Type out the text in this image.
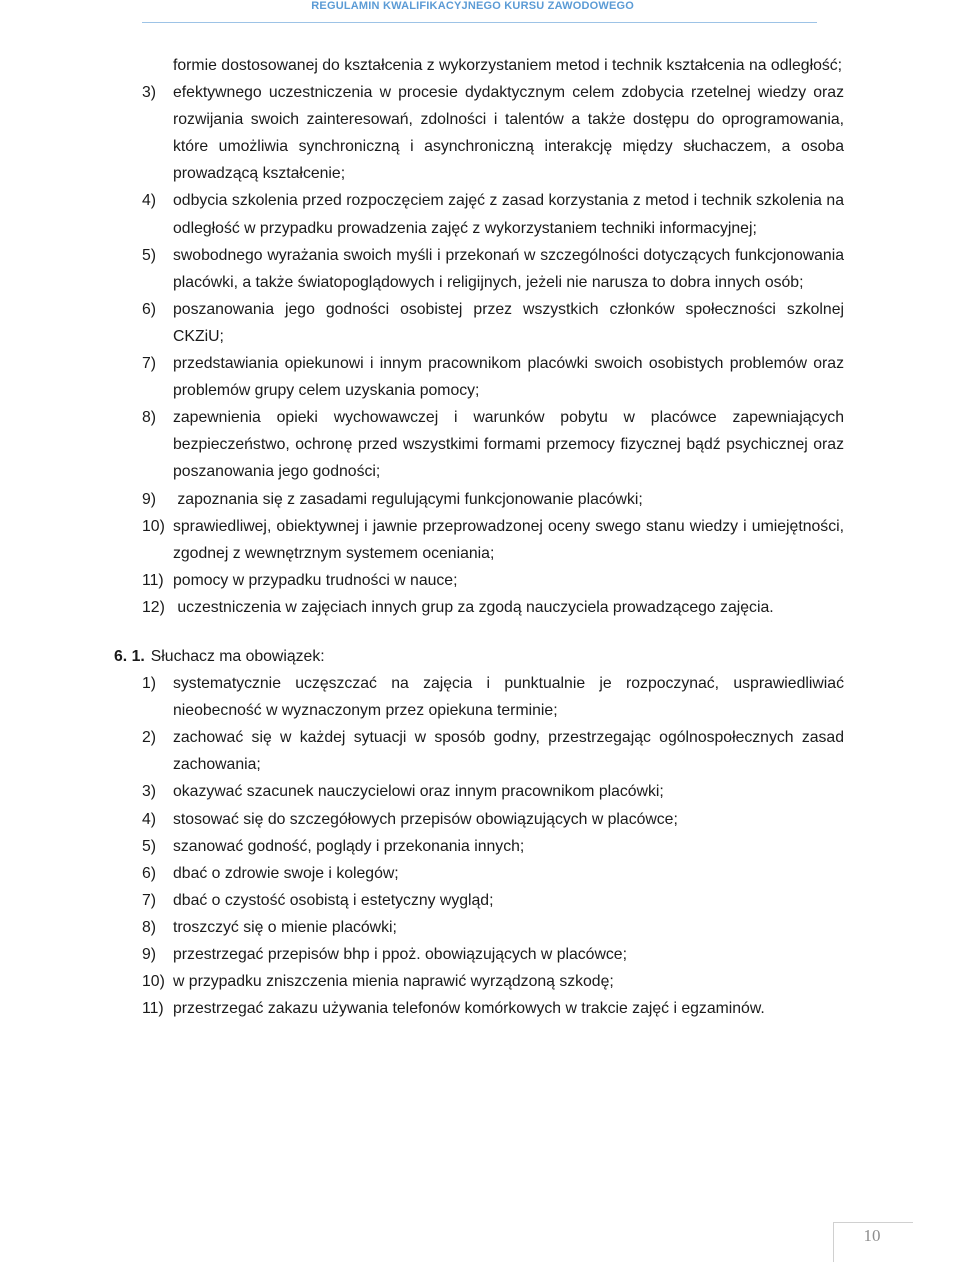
REGULAMIN KWALIFIKACYJNEGO KURSU ZAWODOWEGO
formie dostosowanej do kształcenia z wykorzystaniem metod i technik kształcenia na odległość;
3) efektywnego uczestniczenia w procesie dydaktycznym celem zdobycia rzetelnej wiedzy oraz rozwijania swoich zainteresowań, zdolności i talentów a także dostępu do oprogramowania, które umożliwia synchroniczną i asynchroniczną interakcję między słuchaczem, a osoba prowadzącą kształcenie;
4) odbycia szkolenia przed rozpoczęciem zajęć z zasad korzystania z metod i technik szkolenia na odległość w przypadku prowadzenia zajęć z wykorzystaniem techniki informacyjnej;
5) swobodnego wyrażania swoich myśli i przekonań w szczególności dotyczących funkcjonowania placówki, a także światopoglądowych i religijnych, jeżeli nie narusza to dobra innych osób;
6) poszanowania jego godności osobistej przez wszystkich członków społeczności szkolnej CKZiU;
7) przedstawiania opiekunowi i innym pracownikom placówki swoich osobistych problemów oraz problemów grupy celem uzyskania pomocy;
8) zapewnienia opieki wychowawczej i warunków pobytu w placówce zapewniających bezpieczeństwo, ochronę przed wszystkimi formami przemocy fizycznej bądź psychicznej oraz poszanowania jego godności;
9) zapoznania się z zasadami regulującymi funkcjonowanie placówki;
10) sprawiedliwej, obiektywnej i jawnie przeprowadzonej oceny swego stanu wiedzy i umiejętności, zgodnej z wewnętrznym systemem oceniania;
11) pomocy w przypadku trudności w nauce;
12) uczestniczenia w zajęciach innych grup za zgodą nauczyciela prowadzącego zajęcia.
6. 1. Słuchacz ma obowiązek:
1) systematycznie uczęszczać na zajęcia i punktualnie je rozpoczynać, usprawiedliwiać nieobecność w wyznaczonym przez opiekuna terminie;
2) zachować się w każdej sytuacji w sposób godny, przestrzegając ogólnospołecznych zasad zachowania;
3) okazywać szacunek nauczycielowi oraz innym pracownikom placówki;
4) stosować się do szczegółowych przepisów obowiązujących w placówce;
5) szanować godność, poglądy i przekonania innych;
6) dbać o zdrowie swoje i kolegów;
7) dbać o czystość osobistą i estetyczny wygląd;
8) troszczyć się o mienie placówki;
9) przestrzegać przepisów bhp i ppoż. obowiązujących w placówce;
10) w przypadku zniszczenia mienia naprawić wyrządzoną szkodę;
11) przestrzegać zakazu używania telefonów komórkowych w trakcie zajęć i egzaminów.
10
